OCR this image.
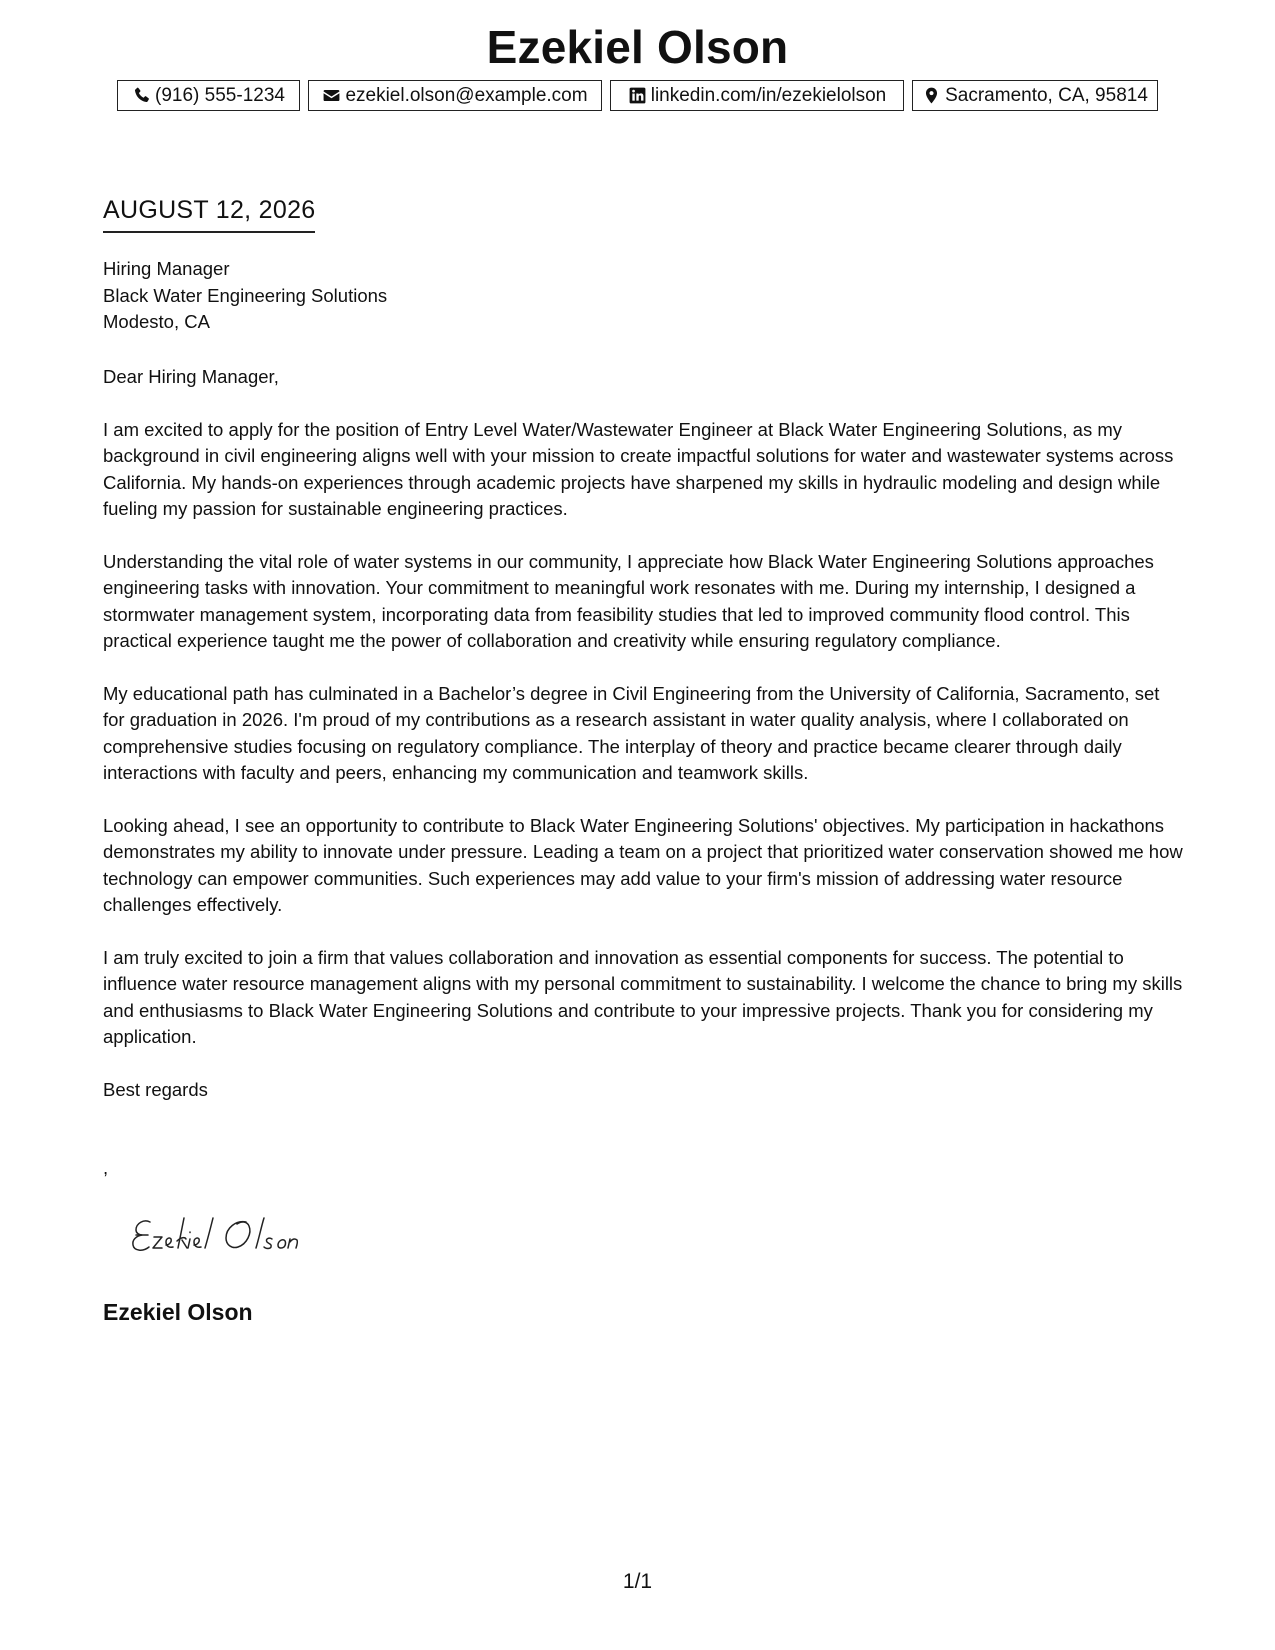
Ezekiel Olson
(916) 555-1234	ezekiel.olson@example.com	linkedin.com/in/ezekielolson	Sacramento, CA, 95814
AUGUST 12, 2026
Hiring Manager
Black Water Engineering Solutions
Modesto, CA
Dear Hiring Manager,

I am excited to apply for the position of Entry Level Water/Wastewater Engineer at Black Water Engineering Solutions, as my background in civil engineering aligns well with your mission to create impactful solutions for water and wastewater systems across California. My hands-on experiences through academic projects have sharpened my skills in hydraulic modeling and design while fueling my passion for sustainable engineering practices.

Understanding the vital role of water systems in our community, I appreciate how Black Water Engineering Solutions approaches engineering tasks with innovation. Your commitment to meaningful work resonates with me. During my internship, I designed a stormwater management system, incorporating data from feasibility studies that led to improved community flood control. This practical experience taught me the power of collaboration and creativity while ensuring regulatory compliance.

My educational path has culminated in a Bachelor’s degree in Civil Engineering from the University of California, Sacramento, set for graduation in 2026. I'm proud of my contributions as a research assistant in water quality analysis, where I collaborated on comprehensive studies focusing on regulatory compliance. The interplay of theory and practice became clearer through daily interactions with faculty and peers, enhancing my communication and teamwork skills.

Looking ahead, I see an opportunity to contribute to Black Water Engineering Solutions' objectives. My participation in hackathons demonstrates my ability to innovate under pressure. Leading a team on a project that prioritized water conservation showed me how technology can empower communities. Such experiences may add value to your firm's mission of addressing water resource challenges effectively.

I am truly excited to join a firm that values collaboration and innovation as essential components for success. The potential to influence water resource management aligns with my personal commitment to sustainability. I welcome the chance to bring my skills and enthusiasms to Black Water Engineering Solutions and contribute to your impressive projects. Thank you for considering my application.

Best regards
,
Ezekiel Olson
1/1
